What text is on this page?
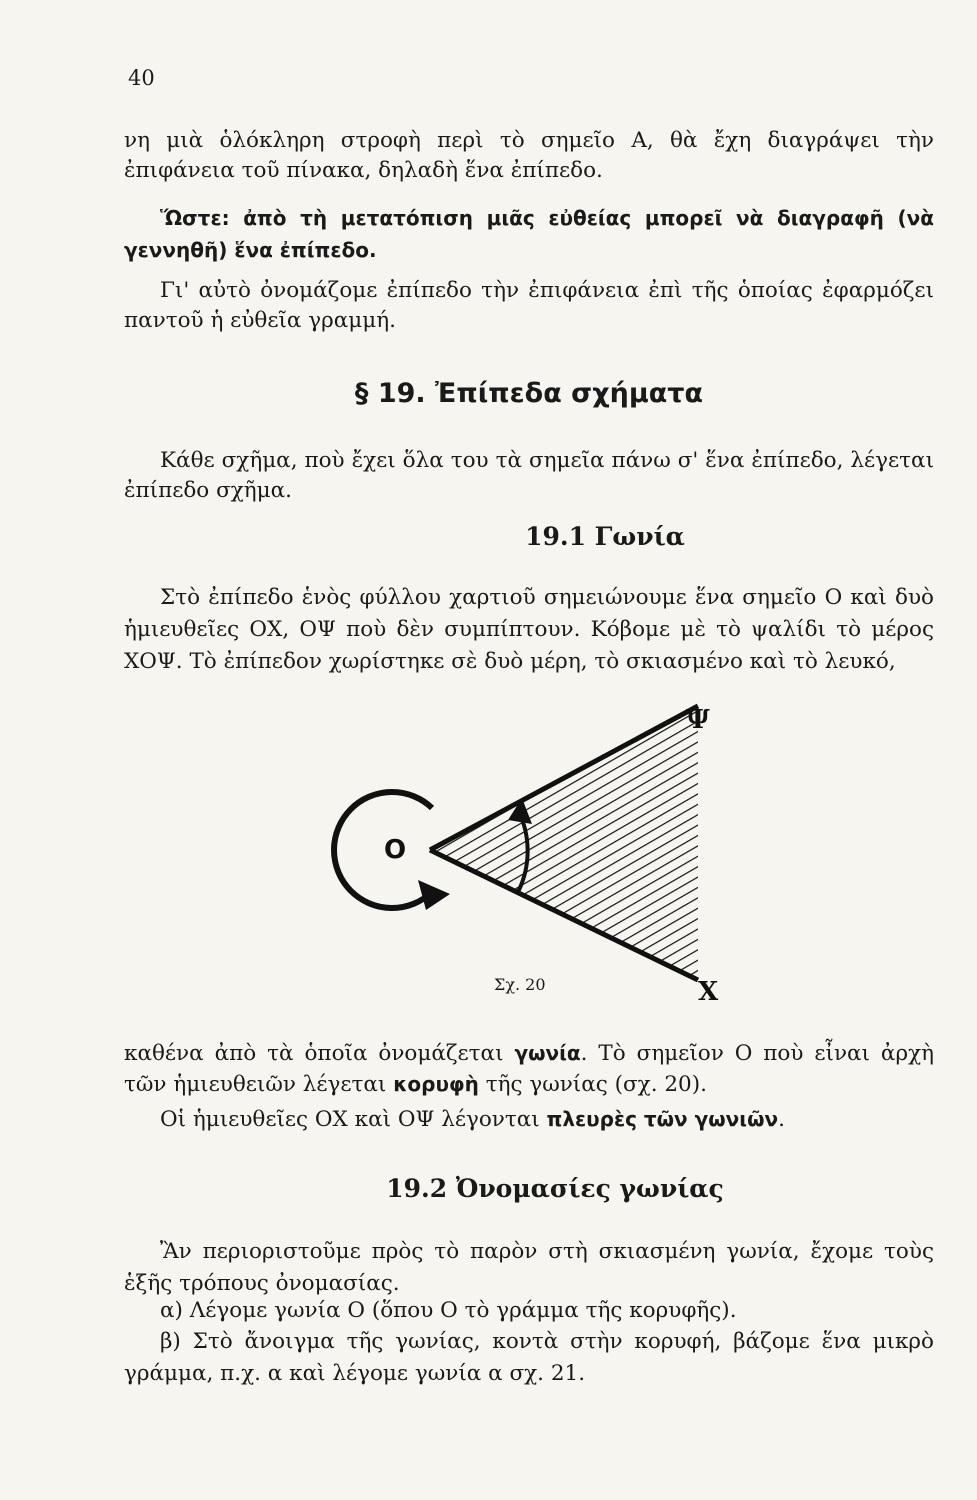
40

νη μιὰ ὁλόκληρη στροφὴ περὶ τὸ σημεῖο Α, θὰ ἔχη διαγράψει τὴν ἐπιφάνεια τοῦ πίνακα, δηλαδὴ ἕνα ἐπίπεδο.

Ὥστε: ἀπὸ τὴ μετατόπιση μιᾶς εὐθείας μπορεῖ νὰ διαγραφῆ (νὰ γεννηθῆ) ἕνα ἐπίπεδο.

Γι' αὐτὸ ὀνομάζομε ἐπίπεδο τὴν ἐπιφάνεια ἐπὶ τῆς ὁποίας ἐφαρμόζει παντοῦ ἡ εὐθεῖα γραμμή.

§ 19. Ἐπίπεδα σχήματα

Κάθε σχῆμα, ποὺ ἔχει ὅλα του τὰ σημεῖα πάνω σ' ἕνα ἐπίπεδο, λέγεται ἐπίπεδο σχῆμα.

19.1 Γωνία

Στὸ ἐπίπεδο ἑνὸς φύλλου χαρτιοῦ σημειώνουμε ἕνα σημεῖο Ο καὶ δυὸ ἡμιευθεῖες ΟΧ, ΟΨ ποὺ δὲν συμπίπτουν. Κόβομε μὲ τὸ ψαλίδι τὸ μέρος ΧΟΨ. Τὸ ἐπίπεδον χωρίστηκε σὲ δυὸ μέρη, τὸ σκιασμένο καὶ τὸ λευκό,

Ο
Ψ
Χ
Σχ. 20

καθένα ἀπὸ τὰ ὁποῖα ὀνομάζεται γωνία. Τὸ σημεῖον Ο ποὺ εἶναι ἀρχὴ τῶν ἡμιευθειῶν λέγεται κορυφὴ τῆς γωνίας (σχ. 20).

Οἱ ἡμιευθεῖες ΟΧ καὶ ΟΨ λέγονται πλευρὲς τῶν γωνιῶν.

19.2 Ὀνομασίες γωνίας

Ἂν περιοριστοῦμε πρὸς τὸ παρὸν στὴ σκιασμένη γωνία, ἔχομε τοὺς ἑξῆς τρόπους ὀνομασίας.

α) Λέγομε γωνία Ο (ὅπου Ο τὸ γράμμα τῆς κορυφῆς).

β) Στὸ ἄνοιγμα τῆς γωνίας, κοντὰ στὴν κορυφή, βάζομε ἕνα μικρὸ γράμμα, π.χ. α καὶ λέγομε γωνία α σχ. 21.
